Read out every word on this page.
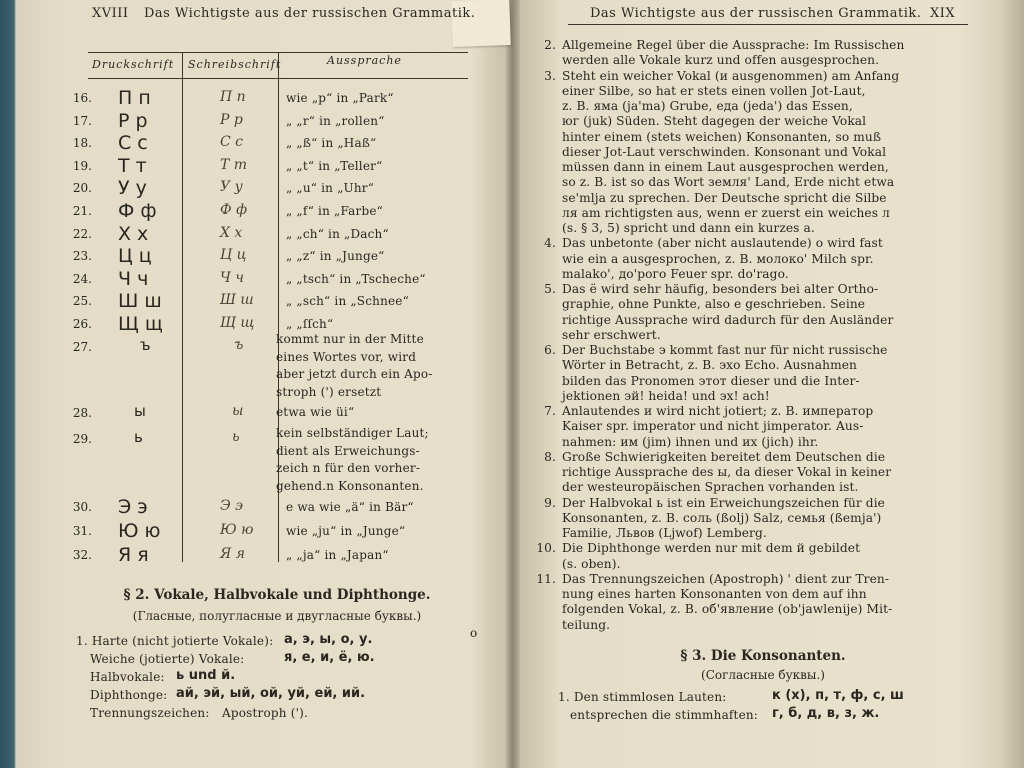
XVIII Das Wichtigste aus der russischen Grammatik.
Druckschrift Schreibschrift	Aussprache
16. П п	П п	wie „p“ in „Park“
17. Р р	Р р	„ „r“ in „rollen“
18. С с	С с	„ „ß“ in „Haß“
19. Т т	Т т	„ „t“ in „Teller“
20. У у	У у	„ „u“ in „Uhr“
21. Ф ф	Ф ф	„ „f“ in „Farbe“
22. Х х	Х х	„ „ch“ in „Dach“
23. Ц ц	Ц ц	„ „z“ in „Junge“
24. Ч ч	Ч ч	„ „tsch“ in „Tscheche“
25. Ш ш	Ш ш	„ „sch“ in „Schnee“
26. Щ щ	Щ щ	„ „ſſch“
27.	ъ	ъ	kommt nur in der Mitte
eines Wortes vor, wird
aber jetzt durch ein Apo-
stroph (') ersetzt
28.	ы	ы	etwa wie üi“
29.	ь	ь	kein selbständiger Laut;
dient als Erweichungs-
zeich n für den vorher-
gehend.n Konsonanten.
30. Э э	Э э	e wa wie „ä“ in Bär“
31. Ю ю	Ю ю	wie „ju“ in „Junge“
32. Я я	Я я	„ „ja“ in „Japan“
§ 2. Vokale, Halbvokale und Diphthonge.
(Гласные, полугласные и двугласные буквы.)
o
1. Harte (nicht jotierte Vokale): а, э, ы, о, у.
Weiche (jotierte) Vokale:	я, е, и, ё, ю.
Halbvokale: ь und й.
Diphthonge: ай, эй, ый, ой, уй, ей, ий.
Trennungszeichen: Apostroph (').
Das Wichtigste aus der russischen Grammatik. XIX
2. Allgemeine Regel über die Aussprache: Im Russischen
werden alle Vokale kurz und offen ausgesprochen.
3. Steht ein weicher Vokal (и ausgenommen) am Anfang
einer Silbe, so hat er stets einen vollen Jot-Laut,
z. B. яма (ja'ma) Grube, еда (jeda') das Essen,
юг (juk) Süden. Steht dagegen der weiche Vokal
hinter einem (stets weichen) Konsonanten, so muß
dieser Jot-Laut verschwinden. Konsonant und Vokal
müssen dann in einem Laut ausgesprochen werden,
so z. B. ist so das Wort земля' Land, Erde nicht etwa
se'mlja zu sprechen. Der Deutsche spricht die Silbe
ля am richtigsten aus, wenn er zuerst ein weiches л
(s. § 3, 5) spricht und dann ein kurzes а.
4. Das unbetonte (aber nicht auslautende) o wird fast
wie ein а ausgesprochen, z. B. молоко' Milch spr.
malako', до'рого Feuer spr. do'rago.
5. Das ё wird sehr häufig, besonders bei alter Ortho-
graphie, ohne Punkte, also е geschrieben. Seine
richtige Aussprache wird dadurch für den Ausländer
sehr erschwert.
6. Der Buchstabe э kommt fast nur für nicht russische
Wörter in Betracht, z. B. эхо Echo. Ausnahmen
bilden das Pronomen этот dieser und die Inter-
jektionen эй! heida! und эх! ach!
7. Anlautendes и wird nicht jotiert; z. B. император
Kaiser spr. imperator und nicht jimperator. Aus-
nahmen: им (jim) ihnen und их (jich) ihr.
8. Große Schwierigkeiten bereitet dem Deutschen die
richtige Aussprache des ы, da dieser Vokal in keiner
der westeuropäischen Sprachen vorhanden ist.
9. Der Halbvokal ь ist ein Erweichungszeichen für die
Konsonanten, z. B. соль (ßolj) Salz, семья (ßemja')
Familie, Львов (Ljwof) Lemberg.
10. Die Diphthonge werden nur mit dem й gebildet
(s. oben).
11. Das Trennungszeichen (Apostroph) ' dient zur Tren-
nung eines harten Konsonanten von dem auf ihn
folgenden Vokal, z. B. об'явление (ob'jawlenije) Mit-
teilung.
§ 3. Die Konsonanten.
(Согласные буквы.)
1. Den stimmlosen Lauten:	к (х), п, т, ф, с, ш
entsprechen die stimmhaften: г, б, д, в, з, ж.
